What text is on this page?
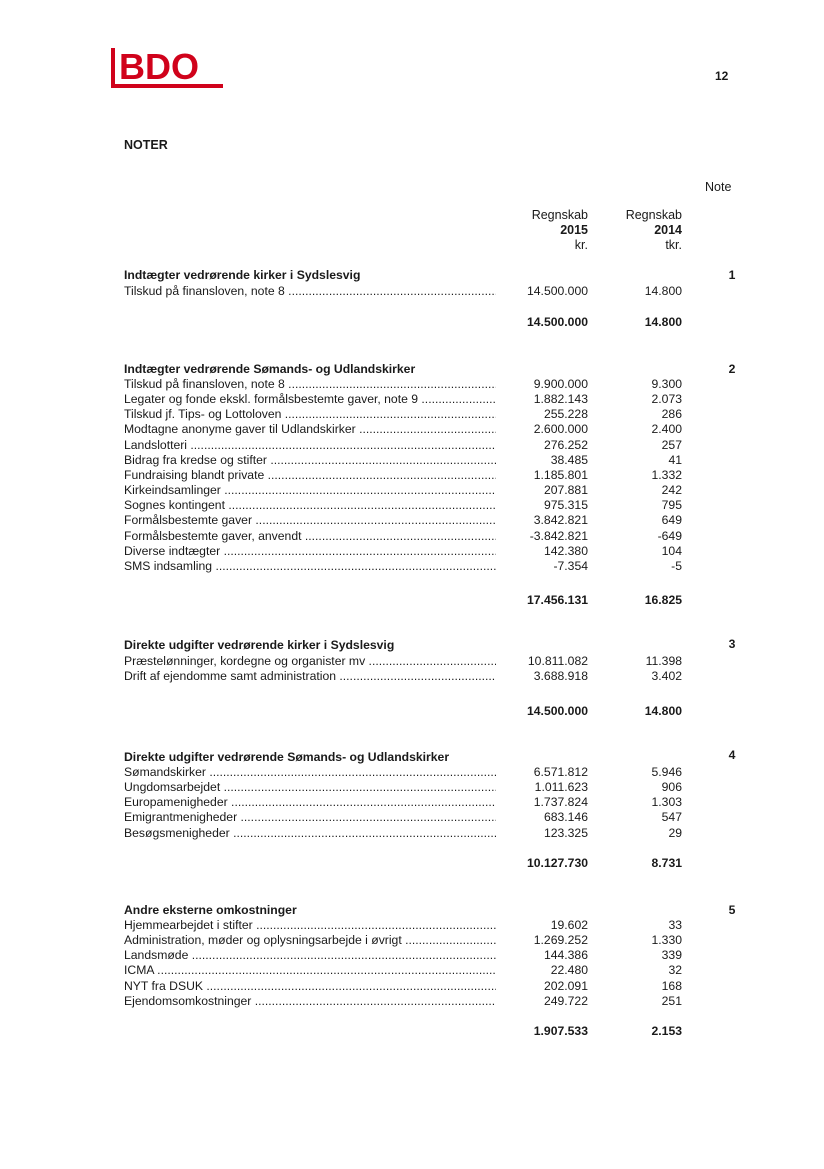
BDO	12
NOTER
Note
Regnskab
2015
kr.
Regnskab
2014
tkr.
Indtægter vedrørende kirker i Sydslesvig	1
Tilskud på finansloven, note 8 .....	14.500.000	14.800
14.500.000	14.800
Indtægter vedrørende Sømands- og Udlandskirker	2
Tilskud på finansloven, note 8 .....	9.900.000	9.300
Legater og fonde ekskl. formålsbestemte gaver, note 9 .....	1.882.143	2.073
Tilskud jf. Tips- og Lottoloven .....	255.228	286
Modtagne anonyme gaver til Udlandskirker .....	2.600.000	2.400
Landslotteri .....	276.252	257
Bidrag fra kredse og stifter .....	38.485	41
Fundraising blandt private .....	1.185.801	1.332
Kirkeindsamlinger .....	207.881	242
Sognes kontingent .....	975.315	795
Formålsbestemte gaver .....	3.842.821	649
Formålsbestemte gaver, anvendt .....	-3.842.821	-649
Diverse indtægter .....	142.380	104
SMS indsamling .....	-7.354	-5
17.456.131	16.825
Direkte udgifter vedrørende kirker i Sydslesvig	3
Præstelønninger, kordegne og organister mv .....	10.811.082	11.398
Drift af ejendomme samt administration .....	3.688.918	3.402
14.500.000	14.800
Direkte udgifter vedrørende Sømands- og Udlandskirker	4
Sømandskirker .....	6.571.812	5.946
Ungdomsarbejdet .....	1.011.623	906
Europamenigheder .....	1.737.824	1.303
Emigrantmenigheder .....	683.146	547
Besøgsmenigheder .....	123.325	29
10.127.730	8.731
Andre eksterne omkostninger	5
Hjemmearbejdet i stifter .....	19.602	33
Administration, møder og oplysningsarbejde i øvrigt .....	1.269.252	1.330
Landsmøde .....	144.386	339
ICMA .....	22.480	32
NYT fra DSUK .....	202.091	168
Ejendomsomkostninger .....	249.722	251
1.907.533	2.153
